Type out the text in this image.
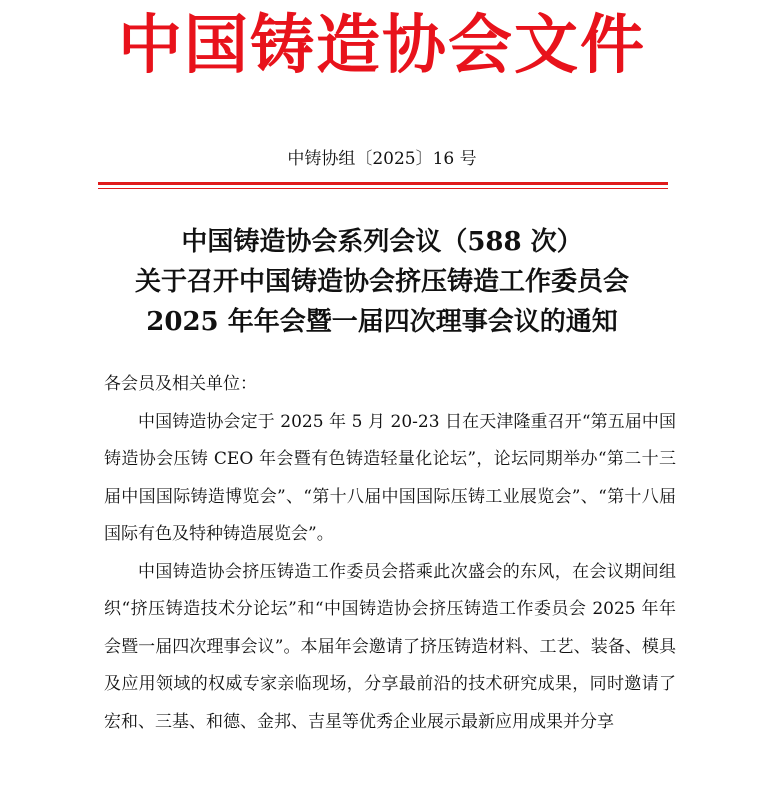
中国铸造协会文件
中铸协组〔2025〕16 号
中国铸造协会系列会议（588 次）
关于召开中国铸造协会挤压铸造工作委员会
2025 年年会暨一届四次理事会议的通知

各会员及相关单位：

中国铸造协会定于 2025 年 5 月 20-23 日在天津隆重召开“第五届中国铸造协会压铸 CEO 年会暨有色铸造轻量化论坛”，论坛同期举办“第二十三届中国国际铸造博览会”、“第十八届中国国际压铸工业展览会”、“第十八届国际有色及特种铸造展览会”。

中国铸造协会挤压铸造工作委员会搭乘此次盛会的东风，在会议期间组织“挤压铸造技术分论坛”和“中国铸造协会挤压铸造工作委员会 2025 年年会暨一届四次理事会议”。本届年会邀请了挤压铸造材料、工艺、装备、模具及应用领域的权威专家亲临现场，分享最前沿的技术研究成果，同时邀请了宏和、三基、和德、金邦、吉星等优秀企业展示最新应用成果并分享
